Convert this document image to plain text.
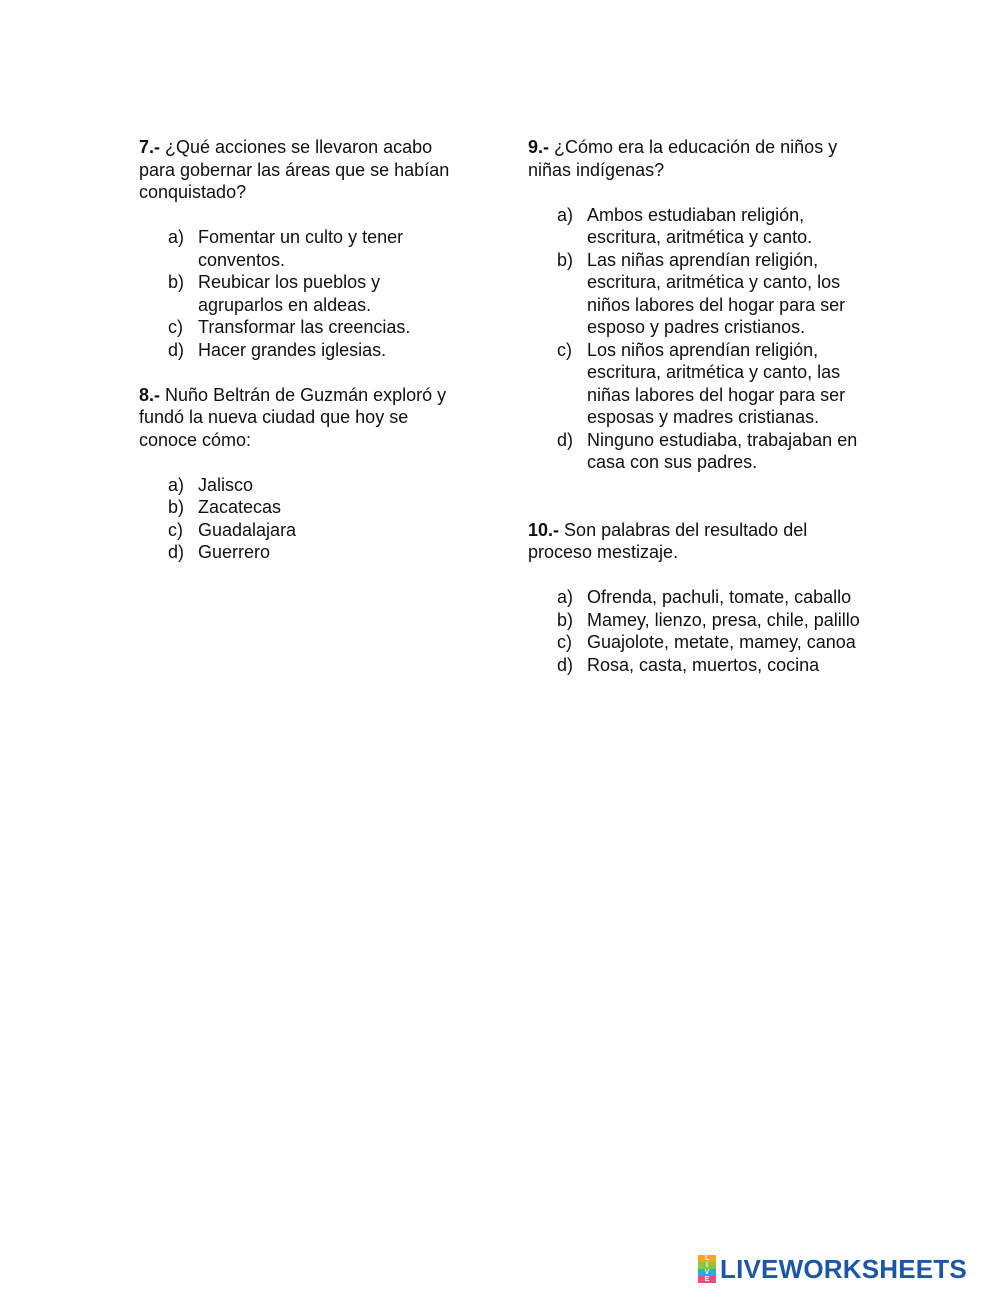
7.- ¿Qué acciones se llevaron acabo para gobernar las áreas que se habían conquistado?

a) Fomentar un culto y tener conventos.
b) Reubicar los pueblos y agruparlos en aldeas.
c) Transformar las creencias.
d) Hacer grandes iglesias.

8.- Nuño Beltrán de Guzmán exploró y fundó la nueva ciudad que hoy se conoce cómo:

a) Jalisco
b) Zacatecas
c) Guadalajara
d) Guerrero

9.- ¿Cómo era la educación de niños y niñas indígenas?

a) Ambos estudiaban religión, escritura, aritmética y canto.
b) Las niñas aprendían religión, escritura, aritmética y canto, los niños labores del hogar para ser esposo y padres cristianos.
c) Los niños aprendían religión, escritura, aritmética y canto, las niñas labores del hogar para ser esposas y madres cristianas.
d) Ninguno estudiaba, trabajaban en casa con sus padres.

10.- Son palabras del resultado del proceso mestizaje.

a) Ofrenda, pachuli, tomate, caballo
b) Mamey, lienzo, presa, chile, palillo
c) Guajolote, metate, mamey, canoa
d) Rosa, casta, muertos, cocina
L
I
V
E LIVEWORKSHEETS
